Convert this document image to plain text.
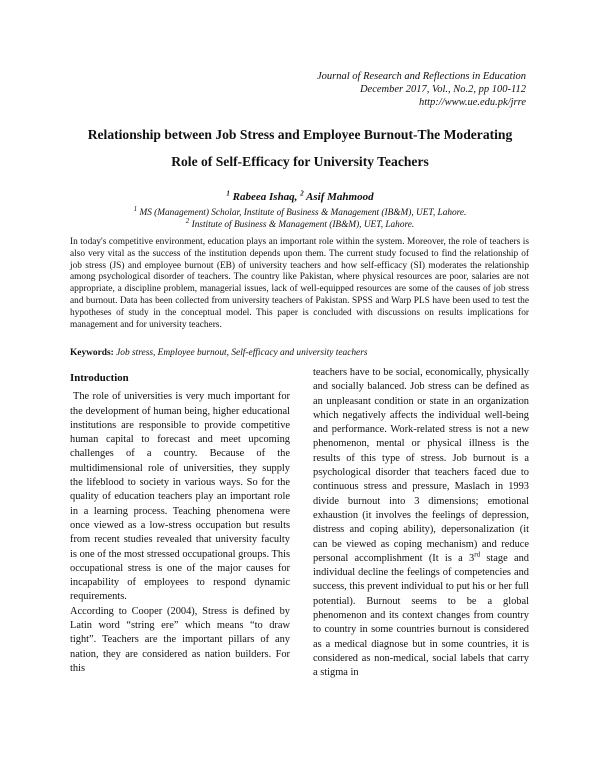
Journal of Research and Reflections in Education
December 2017, Vol., No.2, pp 100-112
http://www.ue.edu.pk/jrre
Relationship between Job Stress and Employee Burnout-The Moderating
Role of Self-Efficacy for University Teachers
$^1$ Rabeea Ishaq, $^2$ Asif Mahmood
$^1$ MS (Management) Scholar, Institute of Business & Management (IB&M), UET, Lahore.
$^2$ Institute of Business & Management (IB&M), UET, Lahore.
In today's competitive environment, education plays an important role within the system. Moreover, the role of teachers is also very vital as the success of the institution depends upon them. The current study focused to find the relationship of job stress (JS) and employee burnout (EB) of university teachers and how self-efficacy (SI) moderates the relationship among psychological disorder of teachers. The country like Pakistan, where physical resources are poor, salaries are not appropriate, a discipline problem, managerial issues, lack of well-equipped resources are some of the causes of job stress and burnout. Data has been collected from university teachers of Pakistan. SPSS and Warp PLS have been used to test the hypotheses of study in the conceptual model. This paper is concluded with discussions on results implications for management and for university teachers.
Keywords: Job stress, Employee burnout, Self-efficacy and university teachers
Introduction

The role of universities is very much important for the development of human being, higher educational institutions are responsible to provide competitive human capital to forecast and meet upcoming challenges of a country. Because of the multidimensional role of universities, they supply the lifeblood to society in various ways. So for the quality of education teachers play an important role in a learning process. Teaching phenomena were once viewed as a low-stress occupation but results from recent studies revealed that university faculty is one of the most stressed occupational groups. This occupational stress is one of the major causes for incapability of employees to respond dynamic requirements.

According to Cooper (2004), Stress is defined by Latin word “string ere” which means “to draw tight”. Teachers are the important pillars of any nation, they are considered as nation builders. For this

teachers have to be social, economically, physically and socially balanced. Job stress can be defined as an unpleasant condition or state in an organization which negatively affects the individual well-being and performance. Work-related stress is not a new phenomenon, mental or physical illness is the results of this type of stress. Job burnout is a psychological disorder that teachers faced due to continuous stress and pressure, Maslach in 1993 divide burnout into 3 dimensions; emotional exhaustion (it involves the feelings of depression, distress and coping ability), depersonalization (it can be viewed as coping mechanism) and reduce personal accomplishment (It is a 3rd stage and individual decline the feelings of competencies and success, this prevent individual to put his or her full potential). Burnout seems to be a global phenomenon and its context changes from country to country in some countries burnout is considered as a medical diagnose but in some countries, it is considered as non-medical, social labels that carry a stigma in
